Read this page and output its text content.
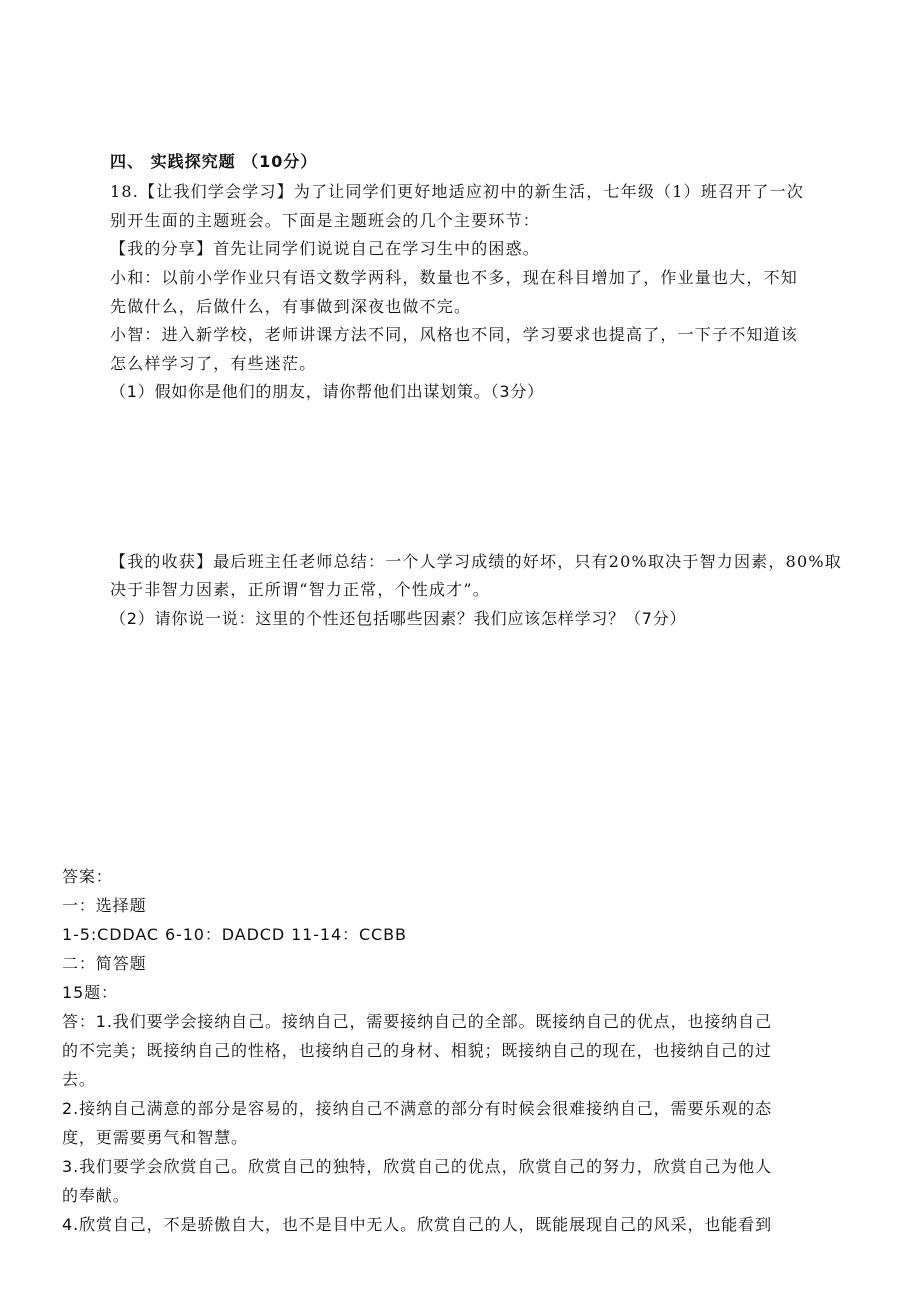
四、 实践探究题 （10分）
18.【让我们学会学习】为了让同学们更好地适应初中的新生活，七年级（1）班召开了一次
别开生面的主题班会。下面是主题班会的几个主要环节：
【我的分享】首先让同学们说说自己在学习生中的困惑。
小和：以前小学作业只有语文数学两科，数量也不多，现在科目增加了，作业量也大，不知
先做什么，后做什么，有事做到深夜也做不完。
小智：进入新学校，老师讲课方法不同，风格也不同，学习要求也提高了，一下子不知道该
怎么样学习了，有些迷茫。
（1）假如你是他们的朋友，请你帮他们出谋划策。（3分）
【我的收获】最后班主任老师总结：一个人学习成绩的好坏，只有20%取决于智力因素，80%取
决于非智力因素，正所谓“智力正常，个性成才”。
（2）请你说一说：这里的个性还包括哪些因素？我们应该怎样学习？（7分）
答案：
一：选择题
1-5:CDDAC 6-10：DADCD 11-14：CCBB
二：简答题
15题：
答：1.我们要学会接纳自己。接纳自己，需要接纳自己的全部。既接纳自己的优点，也接纳自己
的不完美；既接纳自己的性格，也接纳自己的身材、相貌；既接纳自己的现在，也接纳自己的过
去。
2.接纳自己满意的部分是容易的，接纳自己不满意的部分有时候会很难接纳自己，需要乐观的态
度，更需要勇气和智慧。
3.我们要学会欣赏自己。欣赏自己的独特，欣赏自己的优点，欣赏自己的努力，欣赏自己为他人
的奉献。
4.欣赏自己，不是骄傲自大，也不是目中无人。欣赏自己的人，既能展现自己的风采，也能看到
